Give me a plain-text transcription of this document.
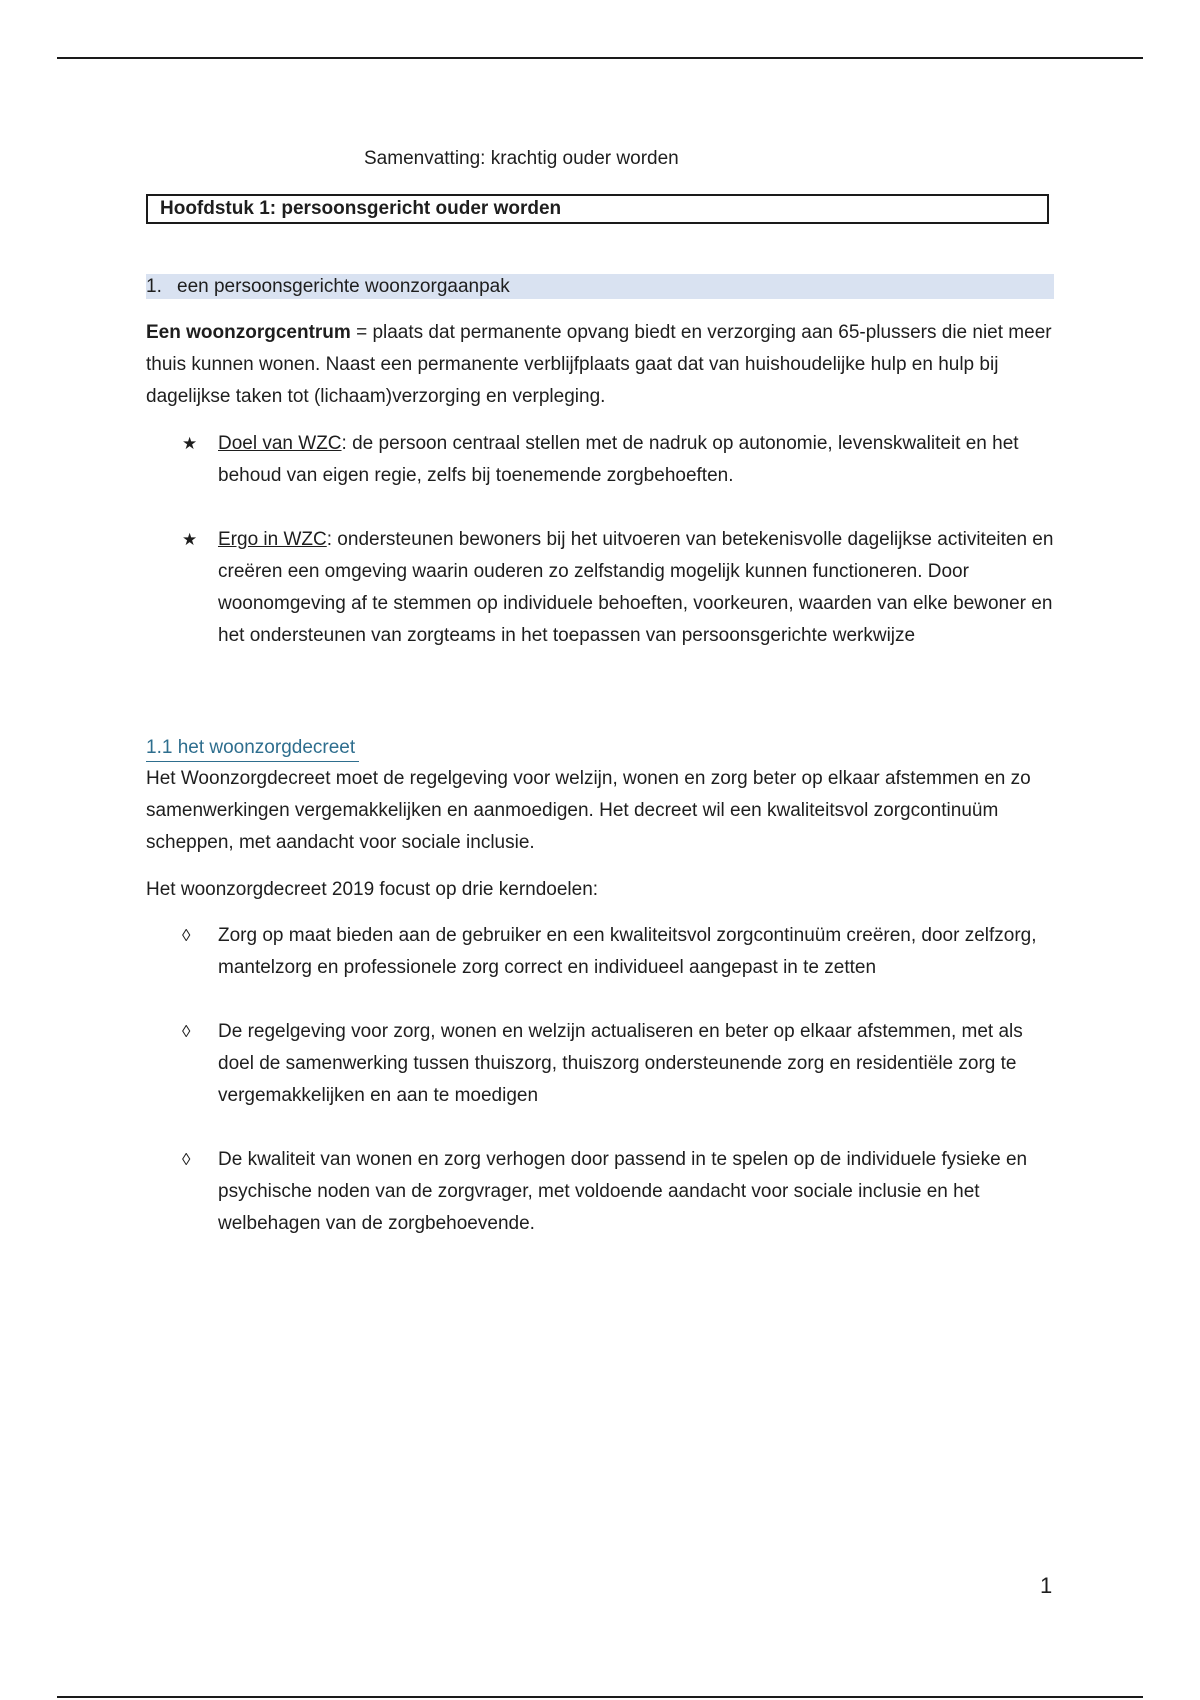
Samenvatting: krachtig ouder worden
Hoofdstuk 1: persoonsgericht ouder worden
1. een persoonsgerichte woonzorgaanpak

Een woonzorgcentrum = plaats dat permanente opvang biedt en verzorging aan 65-plussers die niet meer thuis kunnen wonen. Naast een permanente verblijfplaats gaat dat van huishoudelijke hulp en hulp bij dagelijkse taken tot (lichaam)verzorging en verpleging.

★	Doel van WZC: de persoon centraal stellen met de nadruk op autonomie, levenskwaliteit en het behoud van eigen regie, zelfs bij toenemende zorgbehoeften.
★	Ergo in WZC: ondersteunen bewoners bij het uitvoeren van betekenisvolle dagelijkse activiteiten en creëren een omgeving waarin ouderen zo zelfstandig mogelijk kunnen functioneren. Door woonomgeving af te stemmen op individuele behoeften, voorkeuren, waarden van elke bewoner en het ondersteunen van zorgteams in het toepassen van persoonsgerichte werkwijze
1.1 het woonzorgdecreet

Het Woonzorgdecreet moet de regelgeving voor welzijn, wonen en zorg beter op elkaar afstemmen en zo samenwerkingen vergemakkelijken en aanmoedigen. Het decreet wil een kwaliteitsvol zorgcontinuüm scheppen, met aandacht voor sociale inclusie.

Het woonzorgdecreet 2019 focust op drie kerndoelen:

◊	Zorg op maat bieden aan de gebruiker en een kwaliteitsvol zorgcontinuüm creëren, door zelfzorg, mantelzorg en professionele zorg correct en individueel aangepast in te zetten
◊	De regelgeving voor zorg, wonen en welzijn actualiseren en beter op elkaar afstemmen, met als doel de samenwerking tussen thuiszorg, thuiszorg ondersteunende zorg en residentiële zorg te vergemakkelijken en aan te moedigen
◊	De kwaliteit van wonen en zorg verhogen door passend in te spelen op de individuele fysieke en psychische noden van de zorgvrager, met voldoende aandacht voor sociale inclusie en het welbehagen van de zorgbehoevende.
1
